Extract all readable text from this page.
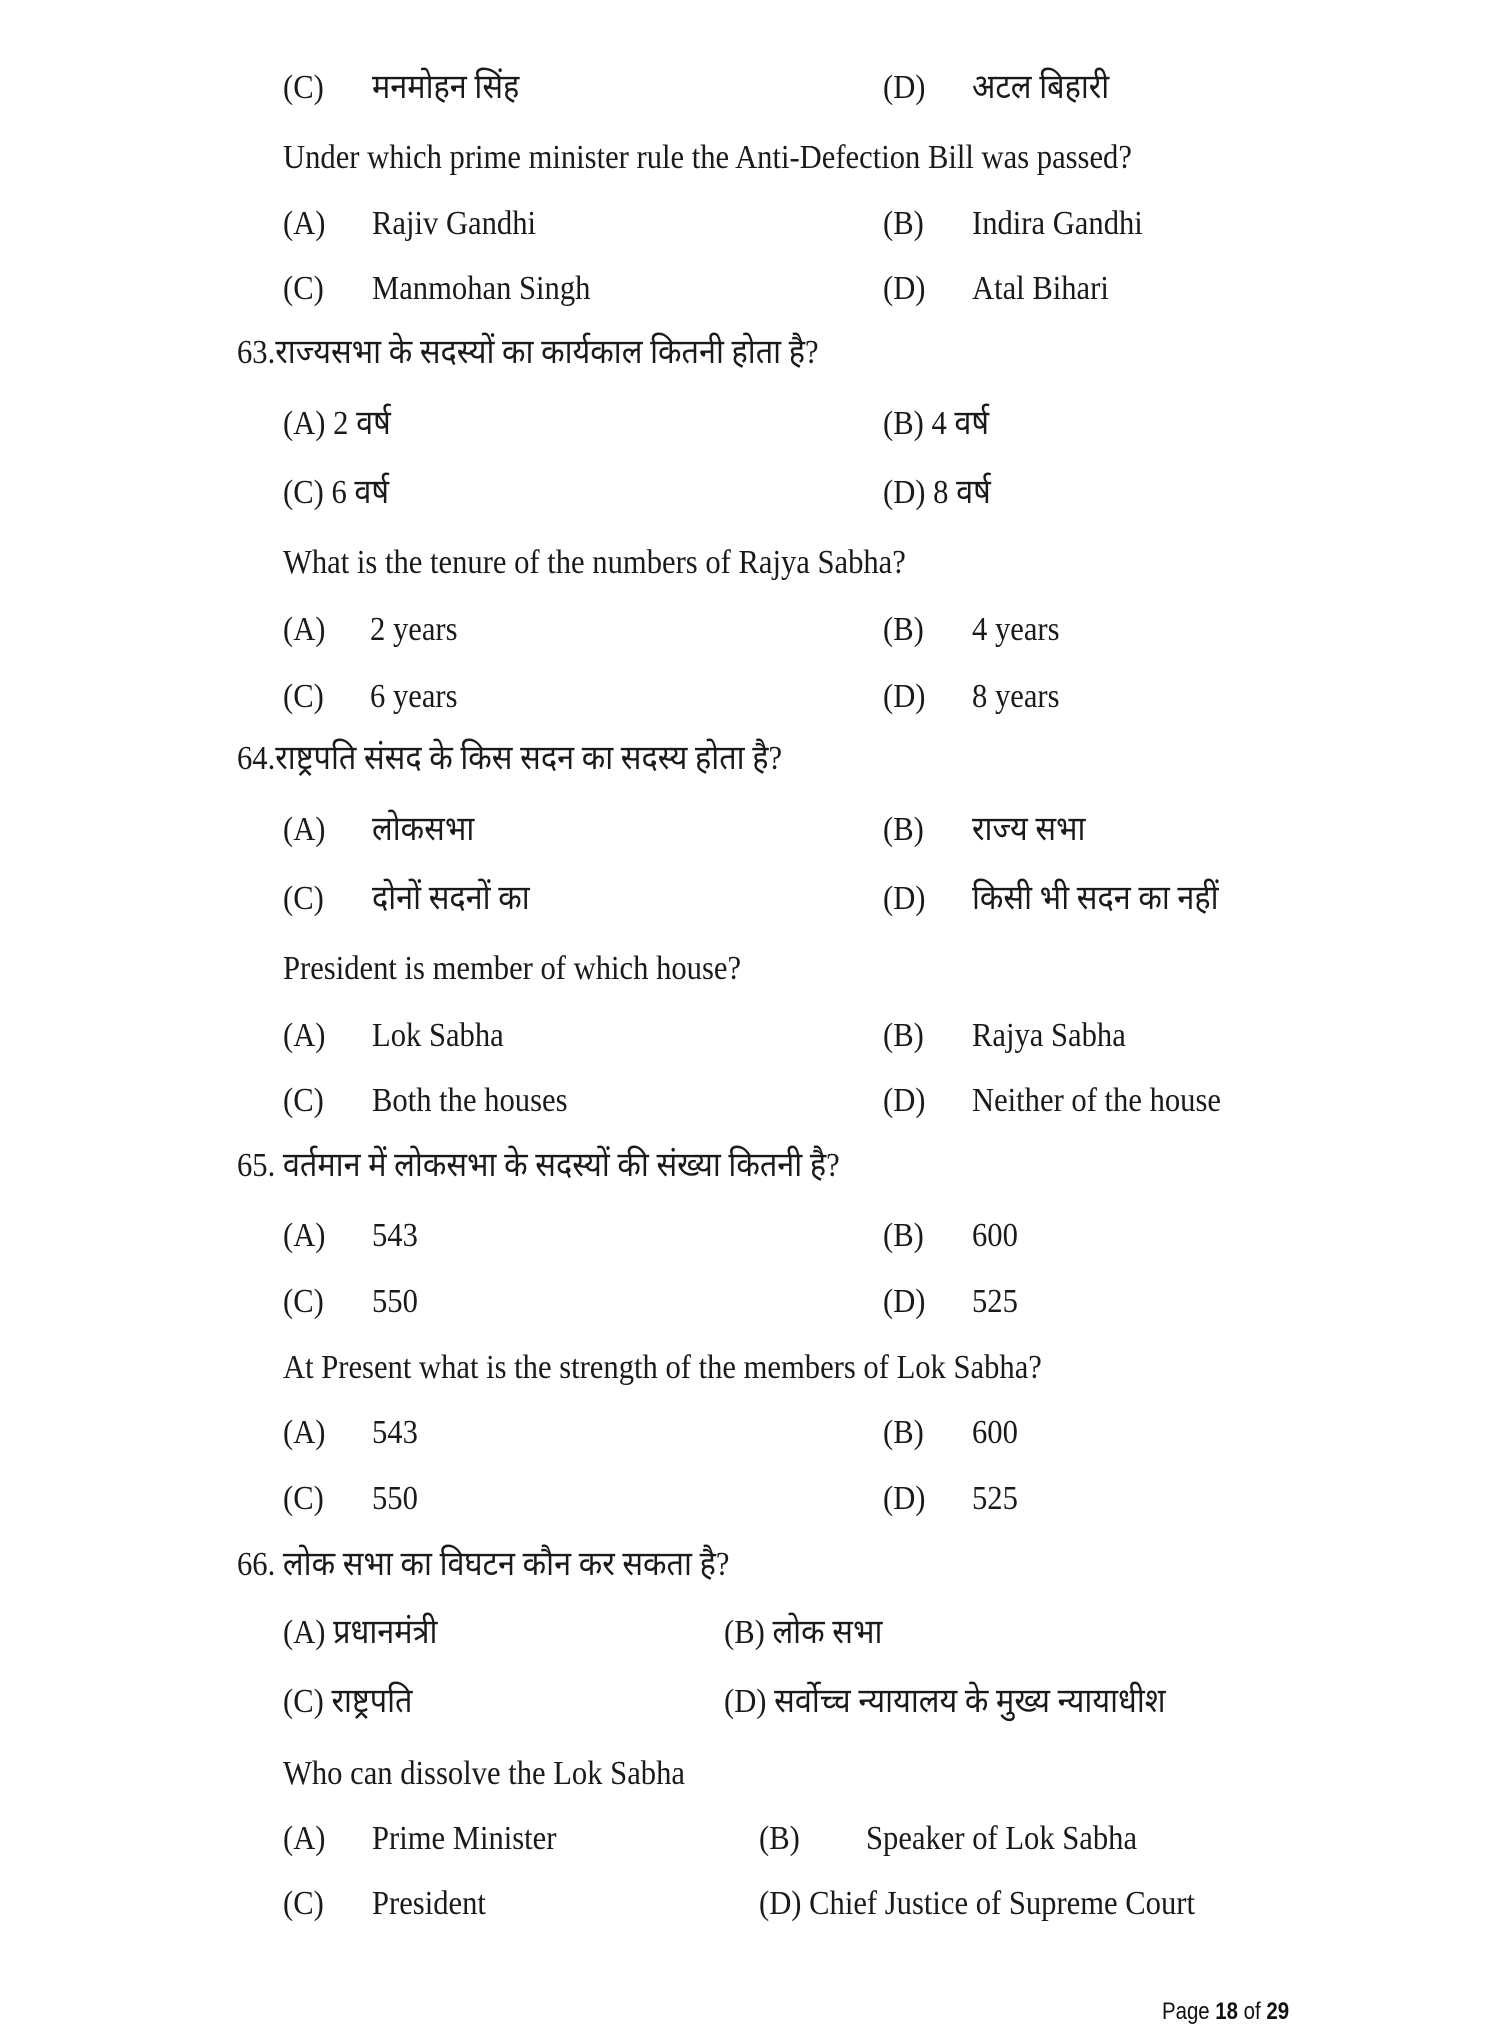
(C) मनमोहन सिंह	(D) अटल बिहारी
Under which prime minister rule the Anti-Defection Bill was passed?
(A) Rajiv Gandhi	(B) Indira Gandhi
(C) Manmohan Singh	(D) Atal Bihari
63.राज्यसभा के सदस्यों का कार्यकाल कितनी होता है?
(A) 2 वर्ष	(B) 4 वर्ष
(C) 6 वर्ष	(D) 8 वर्ष
What is the tenure of the numbers of Rajya Sabha?
(A) 2 years	(B) 4 years
(C) 6 years	(D) 8 years
64.राष्ट्रपति संसद के किस सदन का सदस्य होता है?
(A) लोकसभा	(B) राज्य सभा
(C) दोनों सदनों का	(D) किसी भी सदन का नहीं
President is member of which house?
(A) Lok Sabha	(B) Rajya Sabha
(C) Both the houses	(D) Neither of the house
65. वर्तमान में लोकसभा के सदस्यों की संख्या कितनी है?
(A) 543	(B) 600
(C) 550	(D) 525
At Present what is the strength of the members of Lok Sabha?
(A) 543	(B) 600
(C) 550	(D) 525
66. लोक सभा का विघटन कौन कर सकता है?
(A) प्रधानमंत्री	(B) लोक सभा
(C) राष्ट्रपति	(D) सर्वोच्च न्यायालय के मुख्य न्यायाधीश
Who can dissolve the Lok Sabha
(A) Prime Minister	(B) Speaker of Lok Sabha
(C) President	(D) Chief Justice of Supreme Court
Page 18 of 29
